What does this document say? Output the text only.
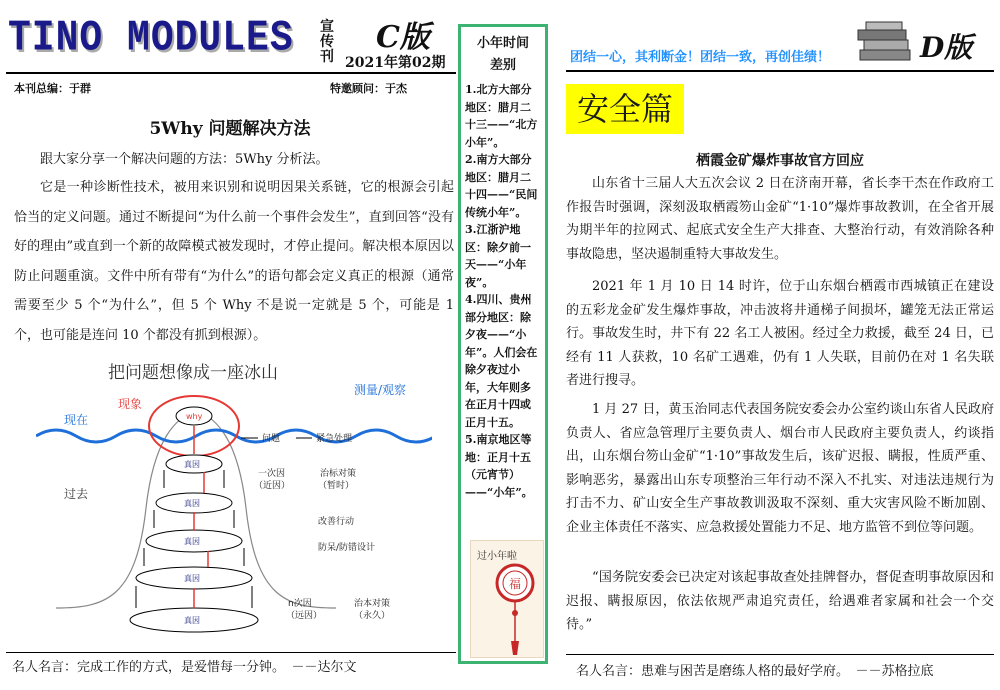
TINO MODULES 宣传刊
C版
2021年第02期
本刊总编：于群	特邀顾问：于杰
5Why 问题解决方法
跟大家分享一个解决问题的方法：5Why 分析法。
它是一种诊断性技术，被用来识别和说明因果关系链，它的根源会引起恰当的定义问题。通过不断提问“为什么前一个事件会发生”，直到回答“没有好的理由”或直到一个新的故障模式被发现时，才停止提问。解决根本原因以防止问题重演。文件中所有带有“为什么”的语句都会定义真正的根源（通常需要至少 5 个“为什么”，但 5 个 Why 不是说一定就是 5 个，可能是 1 个，也可能是连问 10 个都没有抓到根源）。
把问题想像成一座冰山
测量/观察
现在
过去
现象
why
真因
真因
真因
真因
真因
问题	紧急处理
一次因
（近因）
治标对策
（暂时）
改善行动
防呆/防错设计
n次因
（远因）
治本对策
（永久）
名人名言：完成工作的方式，是爱惜每一分钟。　－－达尔文
小年时间
差别
1.北方大部分地区：腊月二十三——“北方小年”。
2.南方大部分地区：腊月二十四——“民间传统小年”。
3.江浙沪地区：除夕前一天——“小年夜”。
4.四川、贵州部分地区：除夕夜——“小年”。人们会在除夕夜过小年，大年则多在正月十四或正月十五。
5.南京地区等地：正月十五（元宵节）——“小年”。
过小年啦
福
团结一心，其利断金！团结一致，再创佳绩！	D版
安全篇
栖霞金矿爆炸事故官方回应
山东省十三届人大五次会议 2 日在济南开幕，省长李干杰在作政府工作报告时强调，深刻汲取栖霞笏山金矿“1·10”爆炸事故教训，在全省开展为期半年的拉网式、起底式安全生产大排查、大整治行动，有效消除各种事故隐患，坚决遏制重特大事故发生。
2021 年 1 月 10 日 14 时许，位于山东烟台栖霞市西城镇正在建设的五彩龙金矿发生爆炸事故，冲击波将井通梯子间损坏，罐笼无法正常运行。事故发生时，井下有 22 名工人被困。经过全力救援，截至 24 日，已经有 11 人获救，10 名矿工遇难，仍有 1 人失联，目前仍在对 1 名失联者进行搜寻。
1 月 27 日，黄玉治同志代表国务院安委会办公室约谈山东省人民政府负责人、省应急管理厅主要负责人、烟台市人民政府主要负责人，约谈指出，山东烟台笏山金矿“1·10”事故发生后，该矿迟报、瞒报，性质严重、影响恶劣，暴露出山东专项整治三年行动不深入不扎实、对违法违规行为打击不力、矿山安全生产事故教训汲取不深刻、重大灾害风险不断加剧、企业主体责任不落实、应急救援处置能力不足、地方监管不到位等问题。
“国务院安委会已决定对该起事故查处挂牌督办，督促查明事故原因和迟报、瞒报原因，依法依规严肃追究责任，给遇难者家属和社会一个交待。”
名人名言：患难与困苦是磨练人格的最好学府。　－－苏格拉底
